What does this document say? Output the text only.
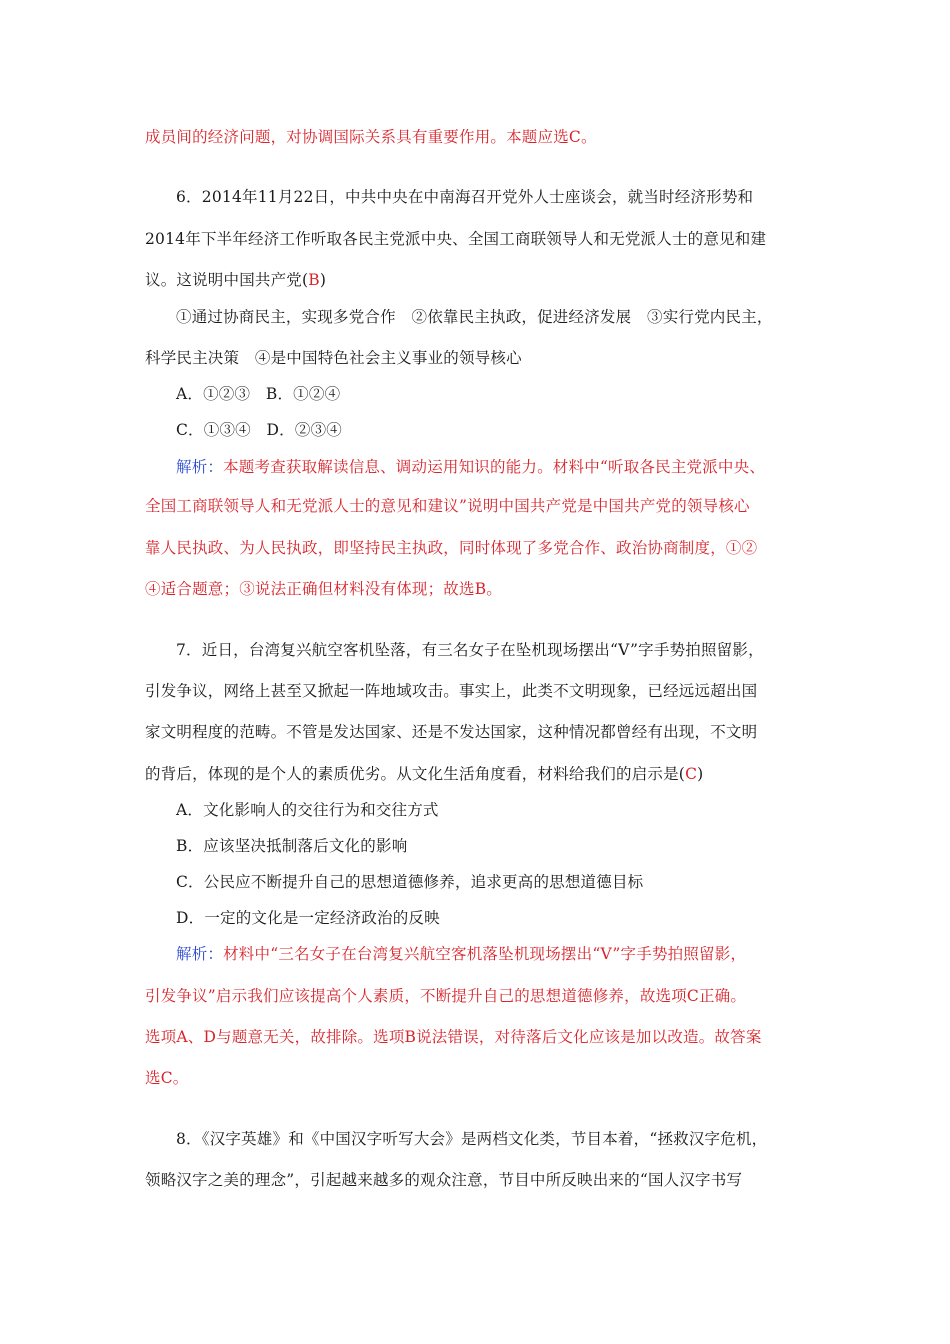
成员间的经济问题，对协调国际关系具有重要作用。本题应选C。
6．2014年11月22日，中共中央在中南海召开党外人士座谈会，就当时经济形势和
2014年下半年经济工作听取各民主党派中央、全国工商联领导人和无党派人士的意见和建
议。这说明中国共产党(B)
①通过协商民主，实现多党合作　②依靠民主执政，促进经济发展　③实行党内民主，
科学民主决策　④是中国特色社会主义事业的领导核心
A．①②③　B．①②④
C．①③④　D．②③④
解析：本题考查获取解读信息、调动运用知识的能力。材料中“听取各民主党派中央、
全国工商联领导人和无党派人士的意见和建议”说明中国共产党是中国共产党的领导核心
靠人民执政、为人民执政，即坚持民主执政，同时体现了多党合作、政治协商制度，①②
④适合题意；③说法正确但材料没有体现；故选B。
7．近日，台湾复兴航空客机坠落，有三名女子在坠机现场摆出“V”字手势拍照留影，
引发争议，网络上甚至又掀起一阵地域攻击。事实上，此类不文明现象，已经远远超出国
家文明程度的范畴。不管是发达国家、还是不发达国家，这种情况都曾经有出现，不文明
的背后，体现的是个人的素质优劣。从文化生活角度看，材料给我们的启示是(C)
A．文化影响人的交往行为和交往方式
B．应该坚决抵制落后文化的影响
C．公民应不断提升自己的思想道德修养，追求更高的思想道德目标
D．一定的文化是一定经济政治的反映
解析：材料中“三名女子在台湾复兴航空客机落坠机现场摆出“V”字手势拍照留影，
引发争议”启示我们应该提高个人素质，不断提升自己的思想道德修养，故选项C正确。
选项A、D与题意无关，故排除。选项B说法错误，对待落后文化应该是加以改造。故答案
选C。
8．《汉字英雄》和《中国汉字听写大会》是两档文化类，节目本着，“拯救汉字危机，
领略汉字之美的理念”，引起越来越多的观众注意，节目中所反映出来的“国人汉字书写
